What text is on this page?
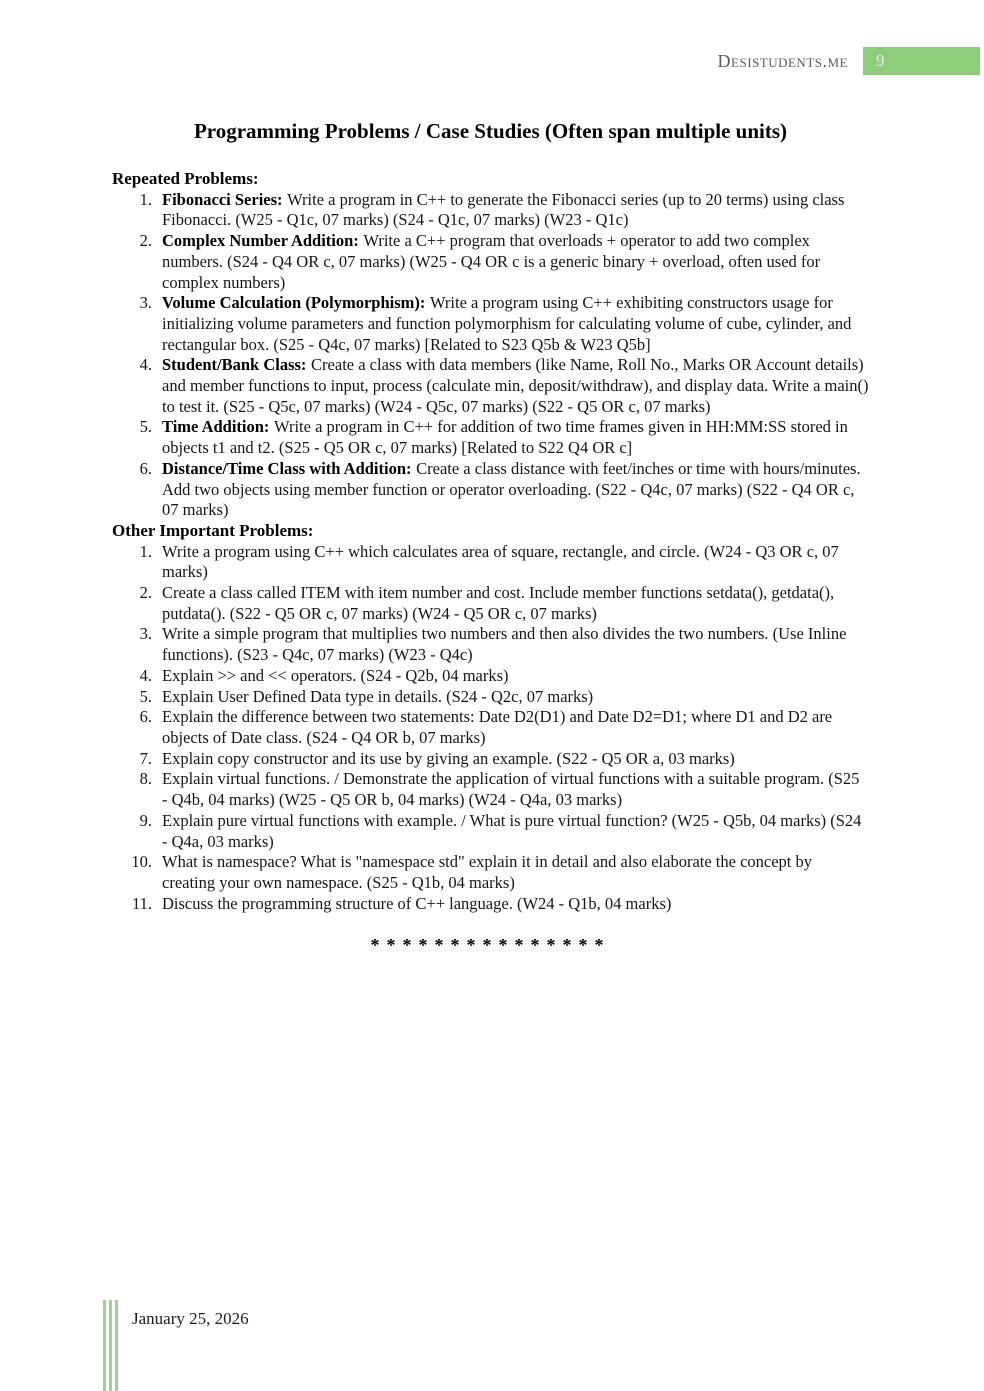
Desistudents.me	9
Programming Problems / Case Studies (Often span multiple units)
Repeated Problems:
1. Fibonacci Series: Write a program in C++ to generate the Fibonacci series (up to 20 terms) using class Fibonacci. (W25 - Q1c, 07 marks) (S24 - Q1c, 07 marks) (W23 - Q1c)
2. Complex Number Addition: Write a C++ program that overloads + operator to add two complex numbers. (S24 - Q4 OR c, 07 marks) (W25 - Q4 OR c is a generic binary + overload, often used for complex numbers)
3. Volume Calculation (Polymorphism): Write a program using C++ exhibiting constructors usage for initializing volume parameters and function polymorphism for calculating volume of cube, cylinder, and rectangular box. (S25 - Q4c, 07 marks) [Related to S23 Q5b & W23 Q5b]
4. Student/Bank Class: Create a class with data members (like Name, Roll No., Marks OR Account details) and member functions to input, process (calculate min, deposit/withdraw), and display data. Write a main() to test it. (S25 - Q5c, 07 marks) (W24 - Q5c, 07 marks) (S22 - Q5 OR c, 07 marks)
5. Time Addition: Write a program in C++ for addition of two time frames given in HH:MM:SS stored in objects t1 and t2. (S25 - Q5 OR c, 07 marks) [Related to S22 Q4 OR c]
6. Distance/Time Class with Addition: Create a class distance with feet/inches or time with hours/minutes. Add two objects using member function or operator overloading. (S22 - Q4c, 07 marks) (S22 - Q4 OR c, 07 marks)
Other Important Problems:
1. Write a program using C++ which calculates area of square, rectangle, and circle. (W24 - Q3 OR c, 07 marks)
2. Create a class called ITEM with item number and cost. Include member functions setdata(), getdata(), putdata(). (S22 - Q5 OR c, 07 marks) (W24 - Q5 OR c, 07 marks)
3. Write a simple program that multiplies two numbers and then also divides the two numbers. (Use Inline functions). (S23 - Q4c, 07 marks) (W23 - Q4c)
4. Explain >> and << operators. (S24 - Q2b, 04 marks)
5. Explain User Defined Data type in details. (S24 - Q2c, 07 marks)
6. Explain the difference between two statements: Date D2(D1) and Date D2=D1; where D1 and D2 are objects of Date class. (S24 - Q4 OR b, 07 marks)
7. Explain copy constructor and its use by giving an example. (S22 - Q5 OR a, 03 marks)
8. Explain virtual functions. / Demonstrate the application of virtual functions with a suitable program. (S25 - Q4b, 04 marks) (W25 - Q5 OR b, 04 marks) (W24 - Q4a, 03 marks)
9. Explain pure virtual functions with example. / What is pure virtual function? (W25 - Q5b, 04 marks) (S24 - Q4a, 03 marks)
10. What is namespace? What is "namespace std" explain it in detail and also elaborate the concept by creating your own namespace. (S25 - Q1b, 04 marks)
11. Discuss the programming structure of C++ language. (W24 - Q1b, 04 marks)
***************
January 25, 2026
